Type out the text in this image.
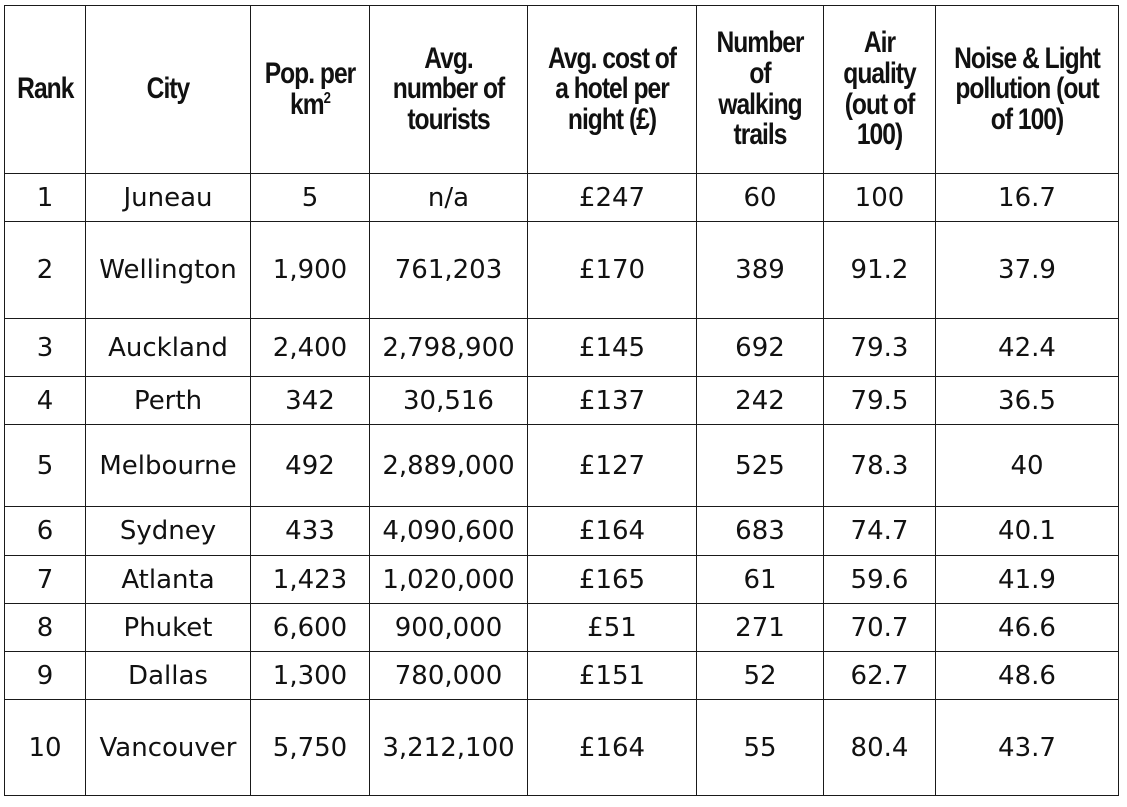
Rank	City	Pop. per $km^2$	Avg. number of tourists	Avg. cost of a hotel per night (£)	Number of walking trails	Air quality (out of 100)	Noise & Light pollution (out of 100)
1	Juneau	5	n/a	£247	60	100	16.7
2	Wellington	1,900	761,203	£170	389	91.2	37.9
3	Auckland	2,400	2,798,900	£145	692	79.3	42.4
4	Perth	342	30,516	£137	242	79.5	36.5
5	Melbourne	492	2,889,000	£127	525	78.3	40
6	Sydney	433	4,090,600	£164	683	74.7	40.1
7	Atlanta	1,423	1,020,000	£165	61	59.6	41.9
8	Phuket	6,600	900,000	£51	271	70.7	46.6
9	Dallas	1,300	780,000	£151	52	62.7	48.6
10	Vancouver	5,750	3,212,100	£164	55	80.4	43.7
